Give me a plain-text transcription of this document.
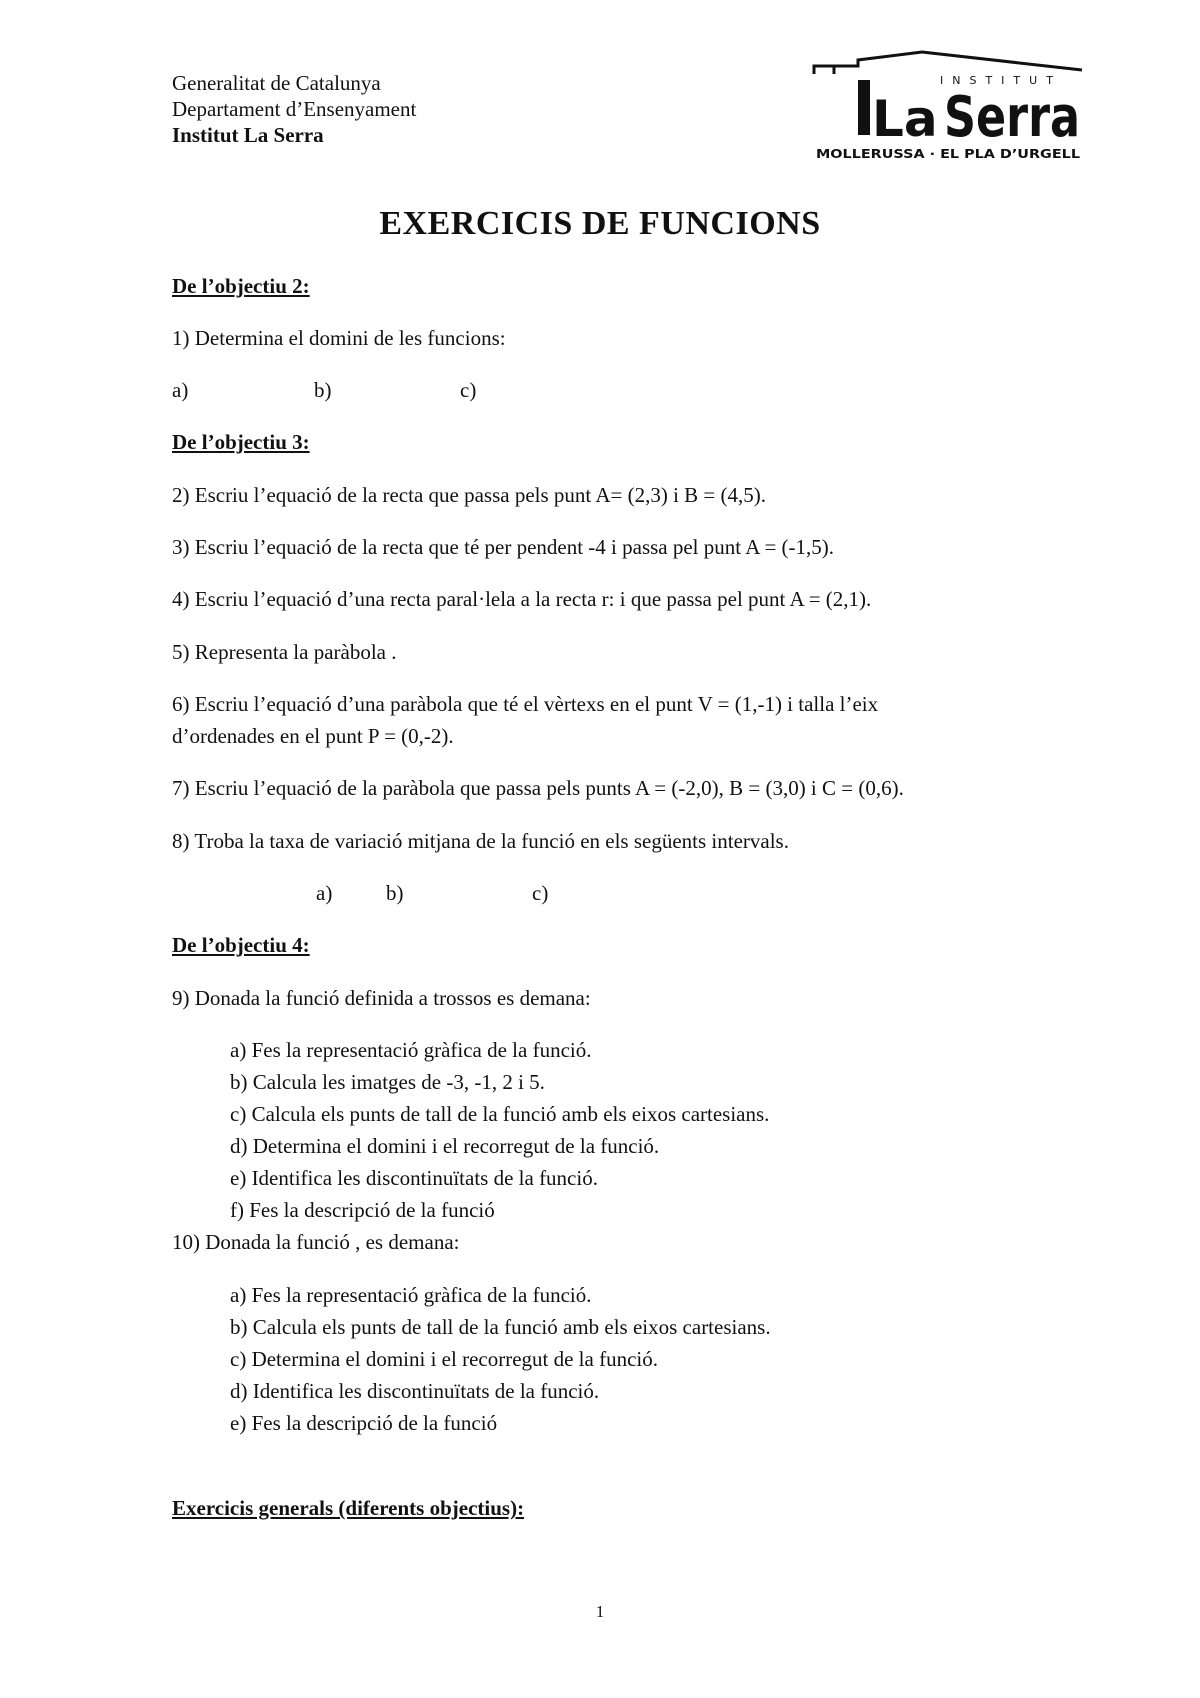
Generalitat de Catalunya
Departament d’Ensenyament
Institut La Serra
INSTITUT
La Serra
MOLLERUSSA · EL PLA D’URGELL
EXERCICIS DE FUNCIONS
De l’objectiu 2:
1) Determina el domini de les funcions:
a)	b)	c)
De l’objectiu 3:
2) Escriu l’equació de la recta que passa pels punt A= (2,3) i B = (4,5).
3) Escriu l’equació de la recta que té per pendent -4 i passa pel punt A = (-1,5).
4) Escriu l’equació d’una recta paral·lela a la recta r: i que passa pel punt A = (2,1).
5) Representa la paràbola .
6) Escriu l’equació d’una paràbola que té el vèrtexs en el punt V = (1,-1) i talla l’eix
d’ordenades en el punt P = (0,-2).
7) Escriu l’equació de la paràbola que passa pels punts A = (-2,0), B = (3,0) i C = (0,6).
8) Troba la taxa de variació mitjana de la funció en els següents intervals.
a)	b)	c)
De l’objectiu 4:
9) Donada la funció definida a trossos es demana:
a) Fes la representació gràfica de la funció.
b) Calcula les imatges de -3, -1, 2 i 5.
c) Calcula els punts de tall de la funció amb els eixos cartesians.
d) Determina el domini i el recorregut de la funció.
e) Identifica les discontinuïtats de la funció.
f) Fes la descripció de la funció
10) Donada la funció , es demana:
a) Fes la representació gràfica de la funció.
b) Calcula els punts de tall de la funció amb els eixos cartesians.
c) Determina el domini i el recorregut de la funció.
d) Identifica les discontinuïtats de la funció.
e) Fes la descripció de la funció
Exercicis generals (diferents objectius):
1
